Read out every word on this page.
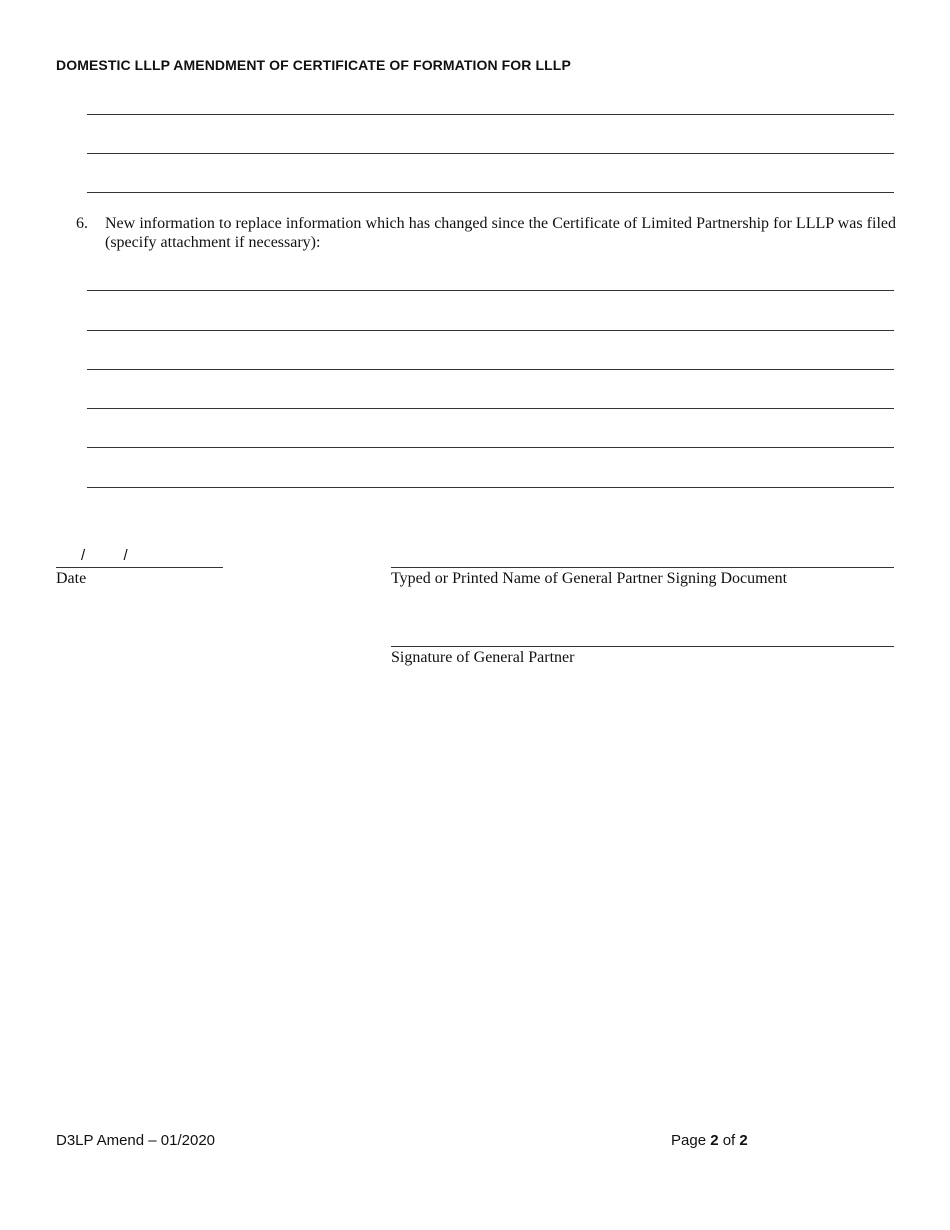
DOMESTIC LLLP AMENDMENT OF CERTIFICATE OF FORMATION FOR LLLP
6.	New information to replace information which has changed since the Certificate of Limited Partnership for LLLP was filed (specify attachment if necessary):
/	/
Date	Typed or Printed Name of General Partner Signing Document
Signature of General Partner
D3LP Amend – 01/2020	Page 2 of 2
